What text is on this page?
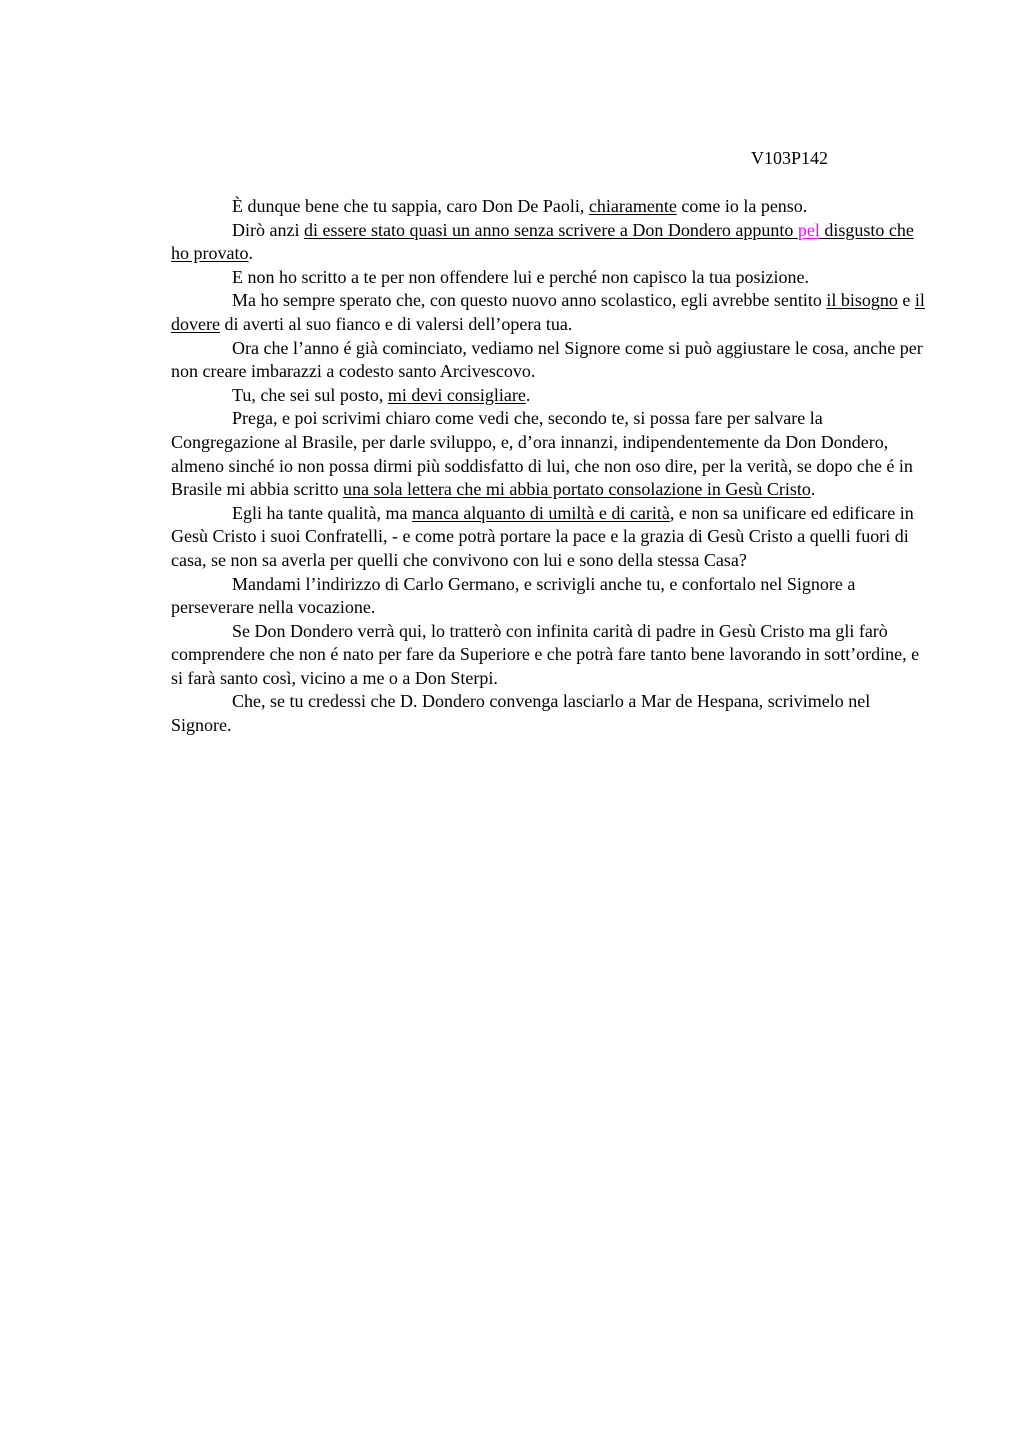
V103P142

È dunque bene che tu sappia, caro Don De Paoli, chiaramente come io la penso.

Dirò anzi di essere stato quasi un anno senza scrivere a Don Dondero appunto pel disgusto che ho provato.

E non ho scritto a te per non offendere lui e perché non capisco la tua posizione.

Ma ho sempre sperato che, con questo nuovo anno scolastico, egli avrebbe sentito il bisogno e il dovere di averti al suo fianco e di valersi dell’opera tua.

Ora che l’anno é già cominciato, vediamo nel Signore come si può aggiustare le cosa, anche per non creare imbarazzi a codesto santo Arcivescovo.

Tu, che sei sul posto, mi devi consigliare.

Prega, e poi scrivimi chiaro come vedi che, secondo te, si possa fare per salvare la Congregazione al Brasile, per darle sviluppo, e, d’ora innanzi, indipendentemente da Don Dondero, almeno sinché io non possa dirmi più soddisfatto di lui, che non oso dire, per la verità, se dopo che é in Brasile mi abbia scritto una sola lettera che mi abbia portato consolazione in Gesù Cristo.

Egli ha tante qualità, ma manca alquanto di umiltà e di carità, e non sa unificare ed edificare in Gesù Cristo i suoi Confratelli, - e come potrà portare la pace e la grazia di Gesù Cristo a quelli fuori di casa, se non sa averla per quelli che convivono con lui e sono della stessa Casa?

Mandami l’indirizzo di Carlo Germano, e scrivigli anche tu, e confortalo nel Signore a perseverare nella vocazione.

Se Don Dondero verrà qui, lo tratterò con infinita carità di padre in Gesù Cristo ma gli farò comprendere che non é nato per fare da Superiore e che potrà fare tanto bene lavorando in sott’ordine, e si farà santo così, vicino a me o a Don Sterpi.

Che, se tu credessi che D. Dondero convenga lasciarlo a Mar de Hespana, scrivimelo nel Signore.
